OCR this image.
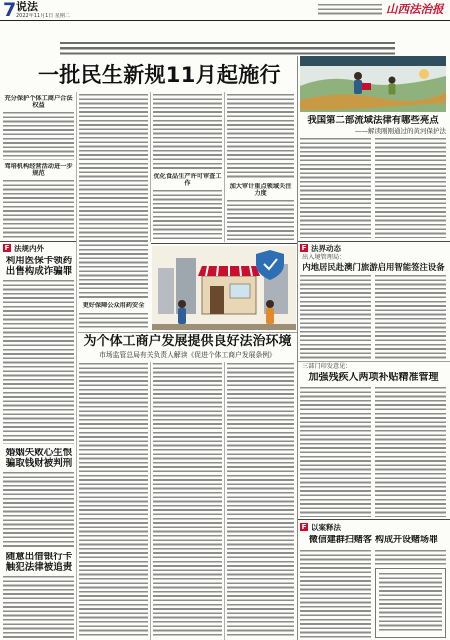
7 说法
2022年11月1日 星期二	山西法治报
一批民生新规11月起施行
充分保护个体工商户合法权益
驾培机构经营活动进一步规范
更好保障公众用药安全
优化食品生产许可审查工作	加大审计重点领域关注力度
我国第二部流域法律有哪些亮点
——解读刚刚通过的黄河保护法
F 法规内外
利用医保卡领药
出售构成诈骗罪
婚姻失败心生恨
骗取钱财被判刑
随意出借银行卡
触犯法律被追责
为个体工商户发展提供良好法治环境
市场监管总局有关负责人解读《促进个体工商户发展条例》
F 法界动态
出入境管理局：
内地居民赴澳门旅游启用智能签注设备
三部门印发意见：
加强残疾人两项补贴精准管理
F 以案释法
微信建群扫赌客 构成开设赌场罪
